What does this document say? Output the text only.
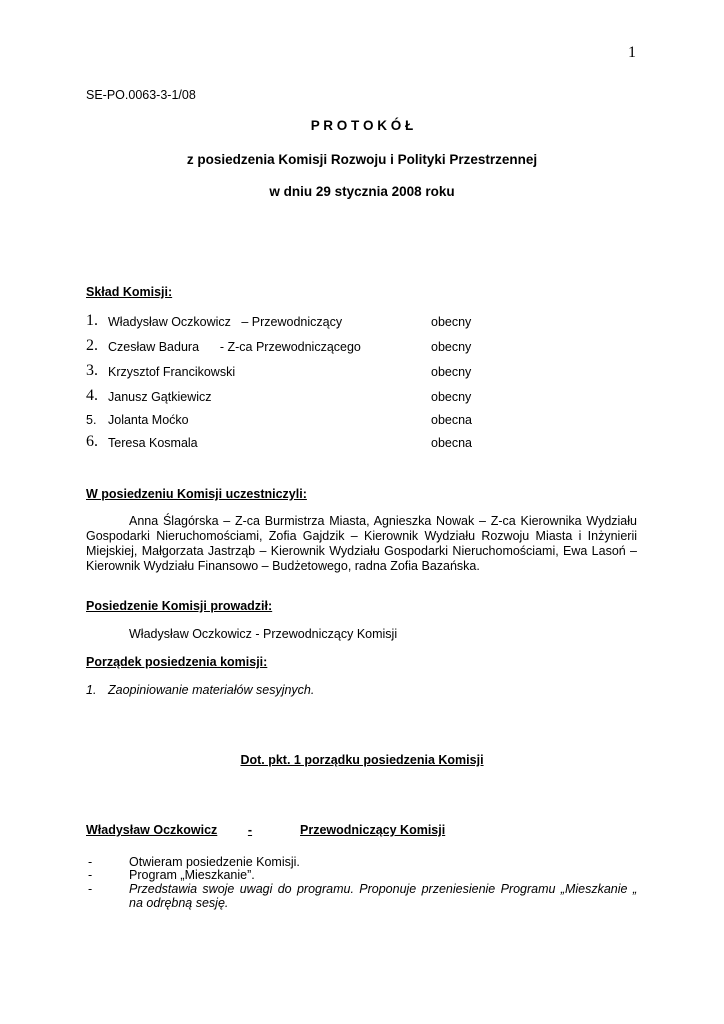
1
SE-PO.0063-3-1/08
P R O T O K Ó Ł
z posiedzenia Komisji Rozwoju i Polityki Przestrzennej
w dniu 29 stycznia 2008 roku
Skład Komisji:
1. Władysław Oczkowicz   – Przewodniczący	obecny
2. Czesław Badura      - Z-ca Przewodniczącego	obecny
3. Krzysztof Francikowski	obecny
4. Janusz Gątkiewicz	obecny
5. Jolanta Moćko	obecna
6. Teresa Kosmala	obecna
W posiedzeniu Komisji uczestniczyli:
Anna Ślagórska – Z-ca Burmistrza Miasta, Agnieszka Nowak – Z-ca Kierownika Wydziału Gospodarki Nieruchomościami, Zofia Gajdzik – Kierownik Wydziału Rozwoju Miasta i Inżynierii Miejskiej, Małgorzata Jastrząb – Kierownik Wydziału Gospodarki Nieruchomościami, Ewa Lasoń – Kierownik Wydziału Finansowo – Budżetowego, radna Zofia Bazańska.
Posiedzenie Komisji prowadził:
Władysław Oczkowicz - Przewodniczący Komisji
Porządek posiedzenia komisji:
1. Zaopiniowanie materiałów sesyjnych.
Dot. pkt. 1 porządku posiedzenia Komisji
Władysław Oczkowicz	-	Przewodniczący Komisji
-	Otwieram posiedzenie Komisji.
-	Program „Mieszkanie”.
-	Przedstawia swoje uwagi do programu. Proponuje przeniesienie Programu „Mieszkanie „ na odrębną sesję.
